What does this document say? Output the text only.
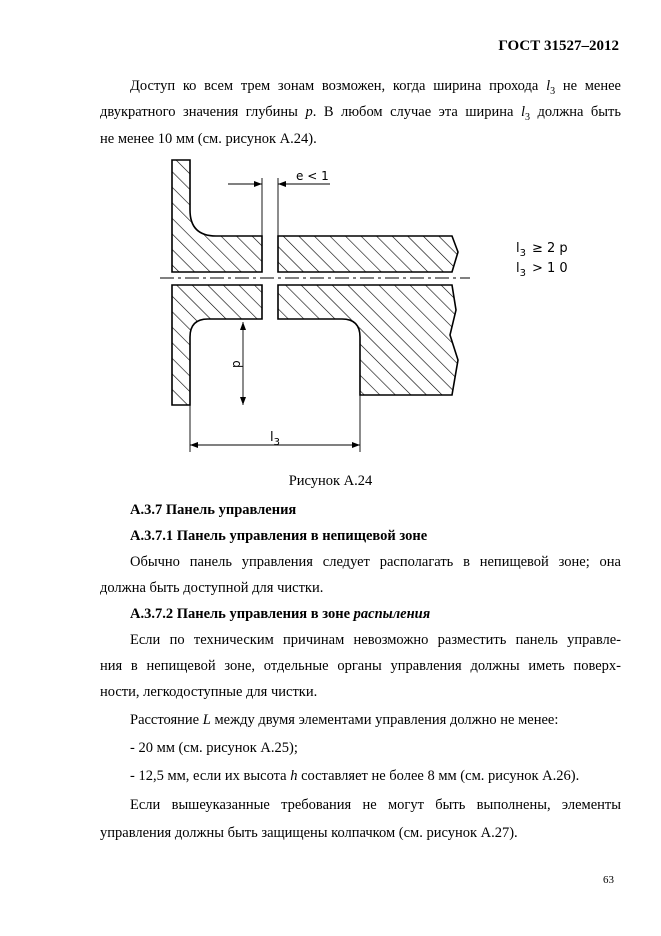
ГОСТ 31527–2012
Доступ ко всем трем зонам возможен, когда ширина прохода $l_3$ не менее
двукратного значения глубины p. В любом случае эта ширина $l_3$ должна быть
не менее 10 мм (см. рисунок А.24).
e < 1
p
$l_3$
$l_3 \ge 2$ p
$l_3 > 1$ 0
Рисунок А.24
А.3.7 Панель управления
А.3.7.1 Панель управления в непищевой зоне
Обычно панель управления следует располагать в непищевой зоне; она
должна быть доступной для чистки.
А.3.7.2 Панель управления в зоне распыления
Если по техническим причинам невозможно разместить панель управле-
ния в непищевой зоне, отдельные органы управления должны иметь поверх-
ности, легкодоступные для чистки.
Расстояние L между двумя элементами управления должно не менее:
- 20 мм (см. рисунок А.25);
- 12,5 мм, если их высота h составляет не более 8 мм (см. рисунок А.26).
Если вышеуказанные требования не могут быть выполнены, элементы
управления должны быть защищены колпачком (см. рисунок А.27).
63
